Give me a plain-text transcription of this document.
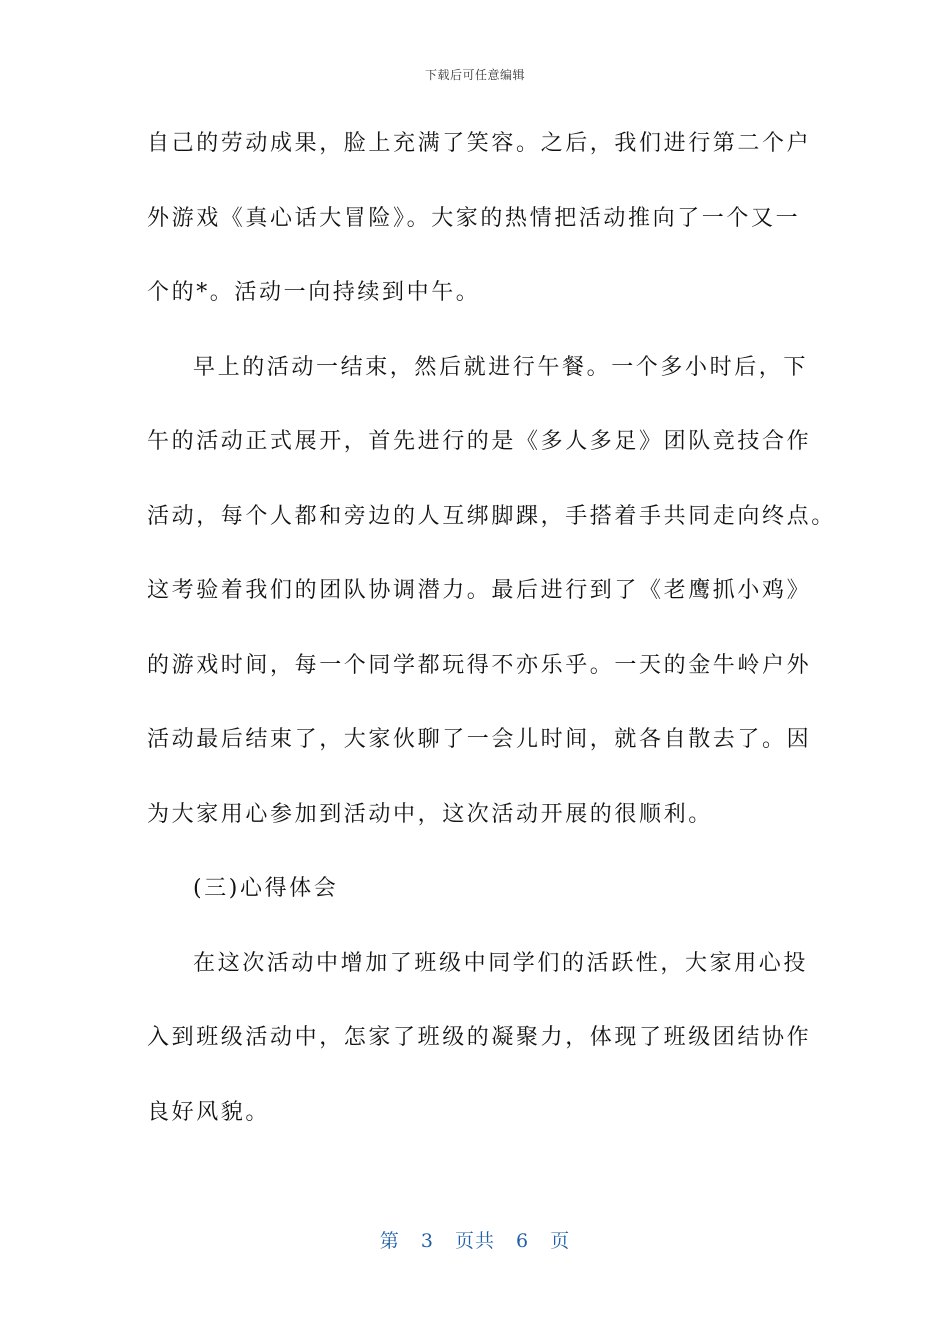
下载后可任意编辑
自己的劳动成果，脸上充满了笑容。之后，我们进行第二个户
外游戏《真心话大冒险》。大家的热情把活动推向了一个又一
个的*。活动一向持续到中午。
早上的活动一结束，然后就进行午餐。一个多小时后，下
午的活动正式展开，首先进行的是《多人多足》团队竞技合作
活动，每个人都和旁边的人互绑脚踝，手搭着手共同走向终点。
这考验着我们的团队协调潜力。最后进行到了《老鹰抓小鸡》
的游戏时间，每一个同学都玩得不亦乐乎。一天的金牛岭户外
活动最后结束了，大家伙聊了一会儿时间，就各自散去了。因
为大家用心参加到活动中，这次活动开展的很顺利。
(三)心得体会
在这次活动中增加了班级中同学们的活跃性，大家用心投
入到班级活动中，怎家了班级的凝聚力，体现了班级团结协作
良好风貌。
第 3 页共 6 页
